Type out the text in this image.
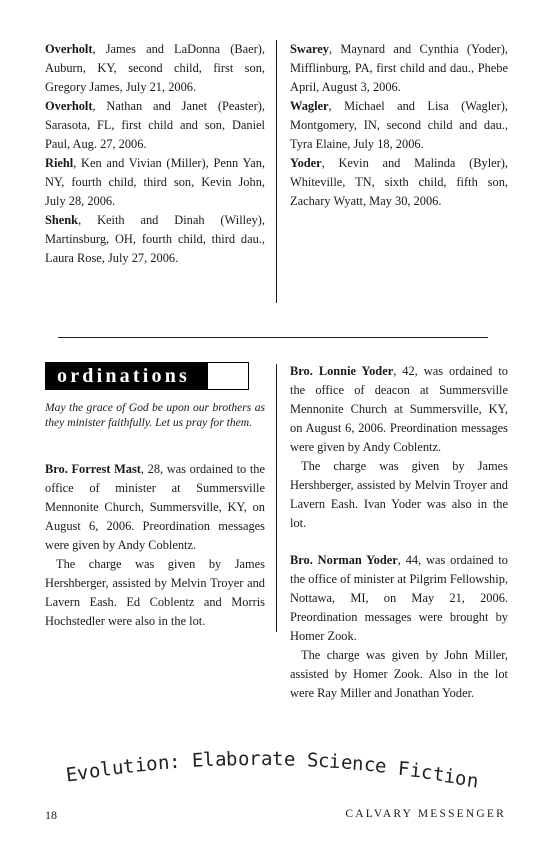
Overholt, James and LaDonna (Baer), Auburn, KY, second child, first son, Gregory James, July 21, 2006.

Overholt, Nathan and Janet (Peaster), Sarasota, FL, first child and son, Daniel Paul, Aug. 27, 2006.

Riehl, Ken and Vivian (Miller), Penn Yan, NY, fourth child, third son, Kevin John, July 28, 2006.

Shenk, Keith and Dinah (Willey), Martinsburg, OH, fourth child, third dau., Laura Rose, July 27, 2006.

Swarey, Maynard and Cynthia (Yoder), Mifflinburg, PA, first child and dau., Phebe April, August 3, 2006.

Wagler, Michael and Lisa (Wagler), Montgomery, IN, second child and dau., Tyra Elaine, July 18, 2006.

Yoder, Kevin and Malinda (Byler), Whiteville, TN, sixth child, fifth son, Zachary Wyatt, May 30, 2006.

ordinations
May the grace of God be upon our brothers as they minister faithfully. Let us pray for them.

Bro. Forrest Mast, 28, was ordained to the office of minister at Summersville Mennonite Church, Summersville, KY, on August 6, 2006. Preordination messages were given by Andy Coblentz.

The charge was given by James Hershberger, assisted by Melvin Troyer and Lavern Eash. Ed Coblentz and Morris Hochstedler were also in the lot.

Bro. Lonnie Yoder, 42, was ordained to the office of deacon at Summersville Mennonite Church at Summersville, KY, on August 6, 2006. Preordination messages were given by Andy Coblentz.

The charge was given by James Hershberger, assisted by Melvin Troyer and Lavern Eash. Ivan Yoder was also in the lot.

Bro. Norman Yoder, 44, was ordained to the office of minister at Pilgrim Fellowship, Nottawa, MI, on May 21, 2006. Preordination messages were brought by Homer Zook.

The charge was given by John Miller, assisted by Homer Zook. Also in the lot were Ray Miller and Jonathan Yoder.

Evolution: Elaborate Science Fiction
18	CALVARY MESSENGER
